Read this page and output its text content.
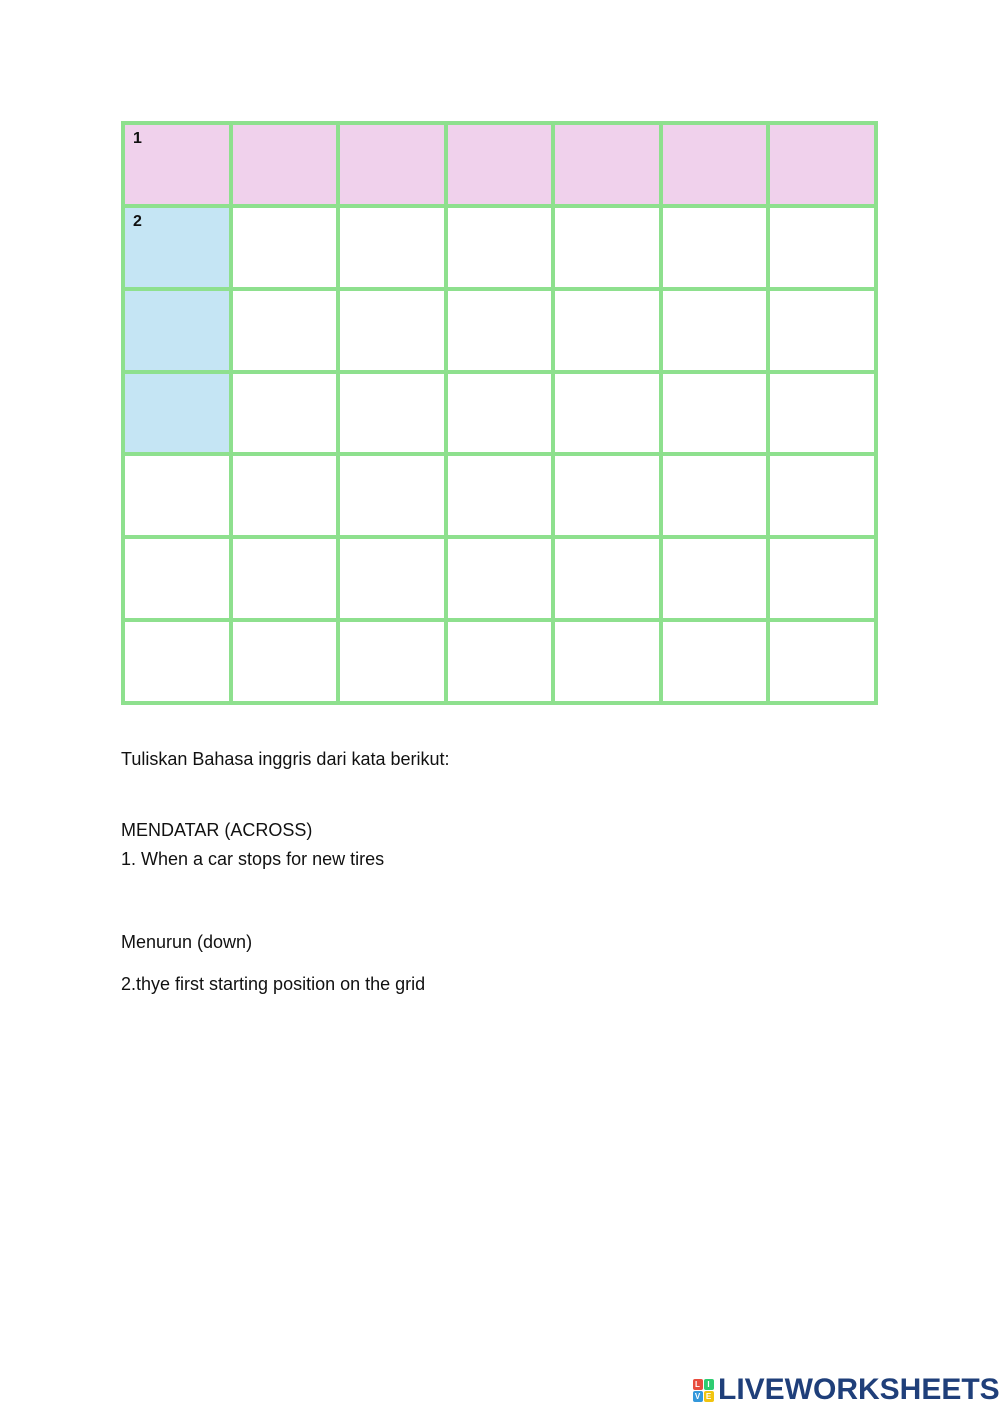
1
2
Tuliskan Bahasa inggris dari kata berikut:
MENDATAR (ACROSS)
1. When a car stops for new tires
Menurun (down)
2.thye first starting position on the grid
L I
V E LIVEWORKSHEETS
